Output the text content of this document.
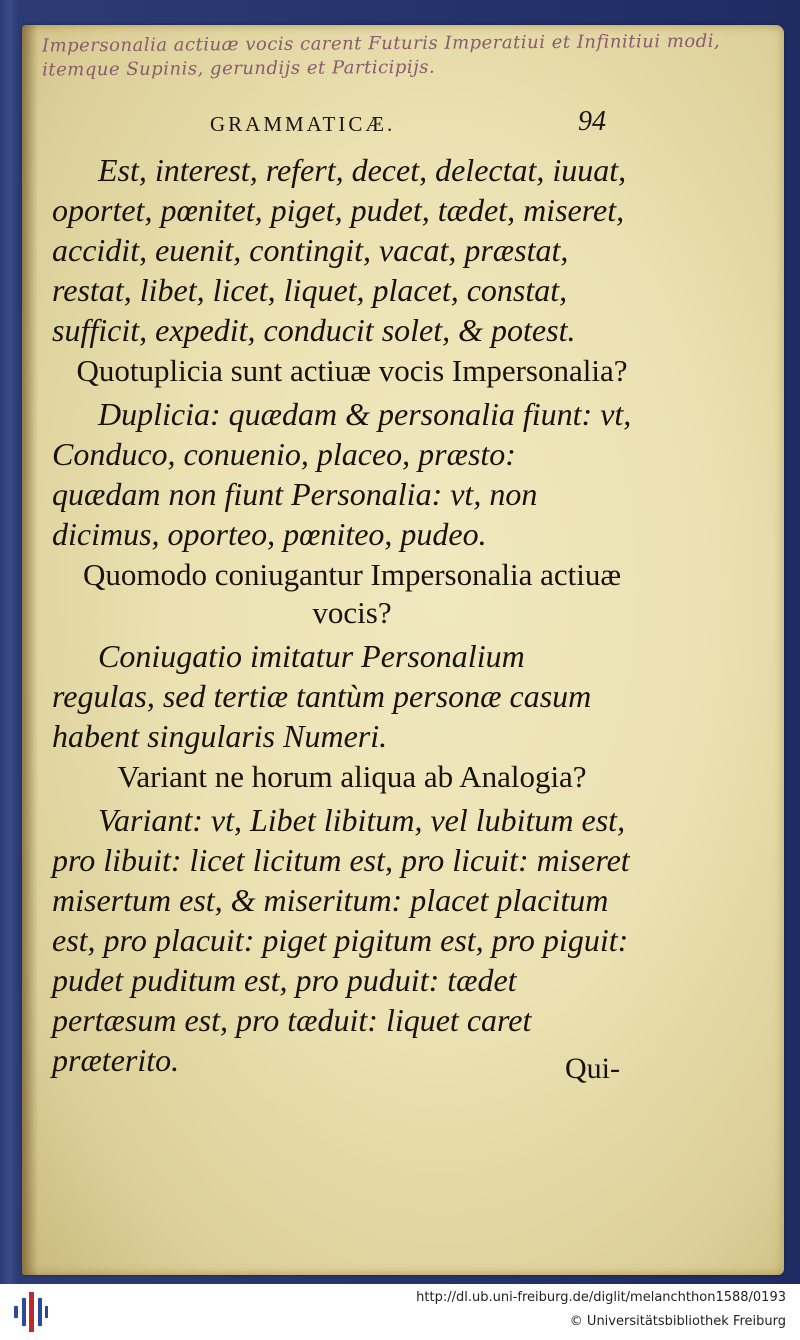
Impersonalia actiuæ vocis carent Futuris Imperatiui et Infinitiui modi, itemque Supinis, gerundijs et Participijs.
GRAMMATICÆ.	94

Est, interest, refert, decet, delectat, iuuat, oportet, pœnitet, piget, pudet, tædet, miseret, accidit, euenit, contingit, vacat, præstat, restat, libet, licet, liquet, placet, constat, sufficit, expedit, conducit solet, & potest.

Quotuplicia sunt actiuæ vocis Impersonalia?

Duplicia: quædam & personalia fiunt: vt, Conduco, conuenio, placeo, præsto: quædam non fiunt Personalia: vt, non dicimus, oporteo, pœniteo, pudeo.

Quomodo coniugantur Impersonalia actiuæ vocis?

Coniugatio imitatur Personalium regulas, sed tertiæ tantùm personæ casum habent singularis Numeri.

Variant ne horum aliqua ab Analogia?

Variant: vt, Libet libitum, vel lubitum est, pro libuit: licet licitum est, pro licuit: miseret misertum est, & miseritum: placet placitum est, pro placuit: piget pigitum est, pro piguit: pudet puditum est, pro puduit: tædet pertæsum est, pro tæduit: liquet caret præterito.	Qui-
http://dl.ub.uni-freiburg.de/diglit/melanchthon1588/0193
© Universitätsbibliothek Freiburg
